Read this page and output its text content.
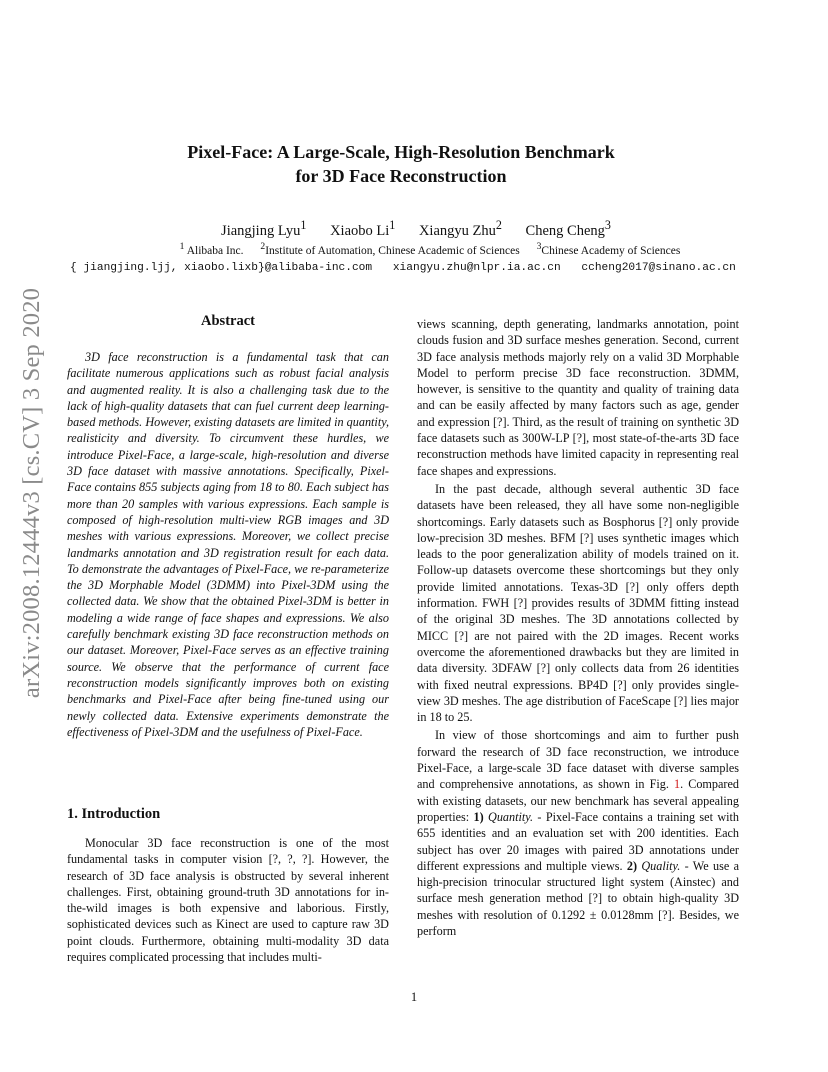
arXiv:2008.12444v3 [cs.CV] 3 Sep 2020
Pixel-Face: A Large-Scale, High-Resolution Benchmark
for 3D Face Reconstruction
Jiangjing Lyu$^1$ Xiaobo Li$^1$ Xiangyu Zhu$^2$ Cheng Cheng$^3$
$^1$ Alibaba Inc. $^2$Institute of Automation, Chinese Academic of Sciences $^3$Chinese Academy of Sciences
{ jiangjing.ljj, xiaobo.lixb}@alibaba-inc.com xiangyu.zhu@nlpr.ia.ac.cn ccheng2017@sinano.ac.cn
Abstract

3D face reconstruction is a fundamental task that can facilitate numerous applications such as robust facial analysis and augmented reality. It is also a challenging task due to the lack of high-quality datasets that can fuel current deep learning-based methods. However, existing datasets are limited in quantity, realisticity and diversity. To circumvent these hurdles, we introduce Pixel-Face, a large-scale, high-resolution and diverse 3D face dataset with massive annotations. Specifically, Pixel-Face contains 855 subjects aging from 18 to 80. Each subject has more than 20 samples with various expressions. Each sample is composed of high-resolution multi-view RGB images and 3D meshes with various expressions. Moreover, we collect precise landmarks annotation and 3D registration result for each data. To demonstrate the advantages of Pixel-Face, we re-parameterize the 3D Morphable Model (3DMM) into Pixel-3DM using the collected data. We show that the obtained Pixel-3DM is better in modeling a wide range of face shapes and expressions. We also carefully benchmark existing 3D face reconstruction methods on our dataset. Moreover, Pixel-Face serves as an effective training source. We observe that the performance of current face reconstruction models significantly improves both on existing benchmarks and Pixel-Face after being fine-tuned using our newly collected data. Extensive experiments demonstrate the effectiveness of Pixel-3DM and the usefulness of Pixel-Face.

1. Introduction

Monocular 3D face reconstruction is one of the most fundamental tasks in computer vision [?, ?, ?]. However, the research of 3D face analysis is obstructed by several inherent challenges. First, obtaining ground-truth 3D annotations for in-the-wild images is both expensive and laborious. Firstly, sophisticated devices such as Kinect are used to capture raw 3D point clouds. Furthermore, obtaining multi-modality 3D data requires complicated processing that includes multi-

views scanning, depth generating, landmarks annotation, point clouds fusion and 3D surface meshes generation. Second, current 3D face analysis methods majorly rely on a valid 3D Morphable Model to perform precise 3D face reconstruction. 3DMM, however, is sensitive to the quantity and quality of training data and can be easily affected by many factors such as age, gender and expression [?]. Third, as the result of training on synthetic 3D face datasets such as 300W-LP [?], most state-of-the-arts 3D face reconstruction methods have limited capacity in representing real face shapes and expressions.

In the past decade, although several authentic 3D face datasets have been released, they all have some non-negligible shortcomings. Early datasets such as Bosphorus [?] only provide low-precision 3D meshes. BFM [?] uses synthetic images which leads to the poor generalization ability of models trained on it. Follow-up datasets overcome these shortcomings but they only provide limited annotations. Texas-3D [?] only offers depth information. FWH [?] provides results of 3DMM fitting instead of the original 3D meshes. The 3D annotations collected by MICC [?] are not paired with the 2D images. Recent works overcome the aforementioned drawbacks but they are limited in data diversity. 3DFAW [?] only collects data from 26 identities with fixed neutral expressions. BP4D [?] only provides single-view 3D meshes. The age distribution of FaceScape [?] lies major in 18 to 25.

In view of those shortcomings and aim to further push forward the research of 3D face reconstruction, we introduce Pixel-Face, a large-scale 3D face dataset with diverse samples and comprehensive annotations, as shown in Fig. 1. Compared with existing datasets, our new benchmark has several appealing properties: 1) Quantity. - Pixel-Face contains a training set with 655 identities and an evaluation set with 200 identities. Each subject has over 20 images with paired 3D annotations under different expressions and multiple views. 2) Quality. - We use a high-precision trinocular structured light system (Ainstec) and surface mesh generation method [?] to obtain high-quality 3D meshes with resolution of 0.1292 ± 0.0128mm [?]. Besides, we perform

1
